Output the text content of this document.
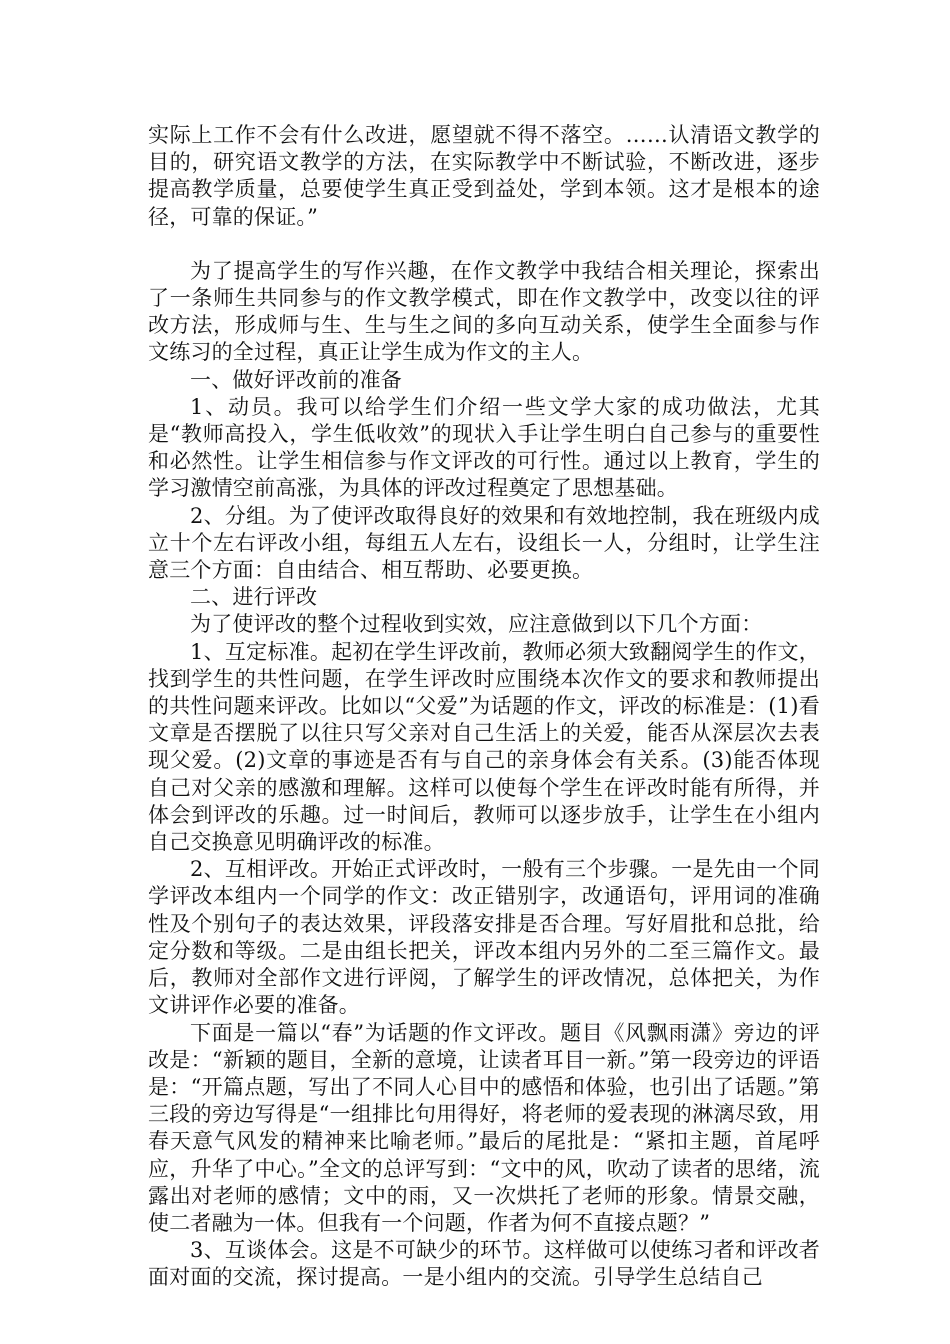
实际上工作不会有什么改进，愿望就不得不落空。……认清语文教学的目的，研究语文教学的方法，在实际教学中不断试验，不断改进，逐步提高教学质量，总要使学生真正受到益处，学到本领。这才是根本的途径，可靠的保证。”

为了提高学生的写作兴趣，在作文教学中我结合相关理论，探索出了一条师生共同参与的作文教学模式，即在作文教学中，改变以往的评改方法，形成师与生、生与生之间的多向互动关系，使学生全面参与作文练习的全过程，真正让学生成为作文的主人。

一、做好评改前的准备

1、动员。我可以给学生们介绍一些文学大家的成功做法，尤其是“教师高投入，学生低收效”的现状入手让学生明白自己参与的重要性和必然性。让学生相信参与作文评改的可行性。通过以上教育，学生的学习激情空前高涨，为具体的评改过程奠定了思想基础。

2、分组。为了使评改取得良好的效果和有效地控制，我在班级内成立十个左右评改小组，每组五人左右，设组长一人，分组时，让学生注意三个方面：自由结合、相互帮助、必要更换。

二、进行评改

为了使评改的整个过程收到实效，应注意做到以下几个方面：

1、互定标准。起初在学生评改前，教师必须大致翻阅学生的作文，找到学生的共性问题，在学生评改时应围绕本次作文的要求和教师提出的共性问题来评改。比如以“父爱”为话题的作文，评改的标准是：(1)看文章是否摆脱了以往只写父亲对自己生活上的关爱，能否从深层次去表现父爱。(2)文章的事迹是否有与自己的亲身体会有关系。(3)能否体现自己对父亲的感激和理解。这样可以使每个学生在评改时能有所得，并体会到评改的乐趣。过一时间后，教师可以逐步放手，让学生在小组内自己交换意见明确评改的标准。

2、互相评改。开始正式评改时，一般有三个步骤。一是先由一个同学评改本组内一个同学的作文：改正错别字，改通语句，评用词的准确性及个别句子的表达效果，评段落安排是否合理。写好眉批和总批，给定分数和等级。二是由组长把关，评改本组内另外的二至三篇作文。最后，教师对全部作文进行评阅，了解学生的评改情况，总体把关，为作文讲评作必要的准备。

下面是一篇以“春”为话题的作文评改。题目《风飘雨潇》旁边的评改是：“新颖的题目，全新的意境，让读者耳目一新。”第一段旁边的评语是：“开篇点题，写出了不同人心目中的感悟和体验，也引出了话题。”第三段的旁边写得是“一组排比句用得好，将老师的爱表现的淋漓尽致，用春天意气风发的精神来比喻老师。”最后的尾批是：“紧扣主题，首尾呼应，升华了中心。”全文的总评写到：“文中的风，吹动了读者的思绪，流露出对老师的感情；文中的雨，又一次烘托了老师的形象。情景交融，使二者融为一体。但我有一个问题，作者为何不直接点题？”

3、互谈体会。这是不可缺少的环节。这样做可以使练习者和评改者面对面的交流，探讨提高。一是小组内的交流。引导学生总结自己
